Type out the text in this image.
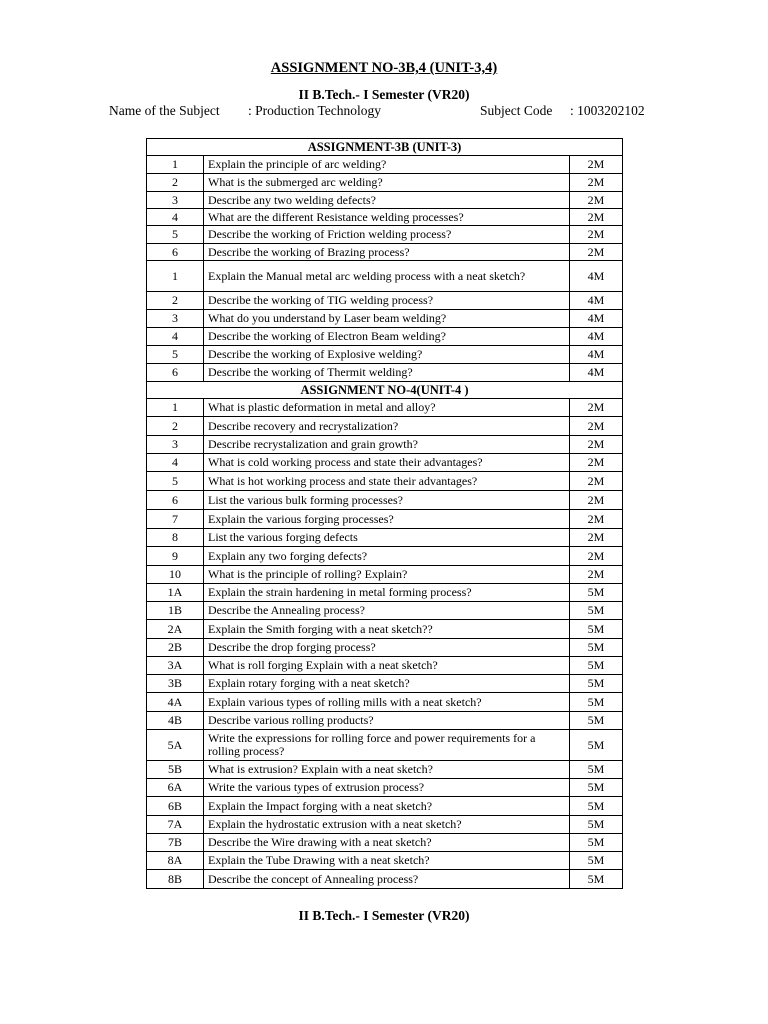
ASSIGNMENT NO-3B,4 (UNIT-3,4)
II B.Tech.- I Semester (VR20)
Name of the Subject : Production Technology	Subject Code : 1003202102
ASSIGNMENT-3B (UNIT-3)		
1	Explain the principle of arc welding?	2M
2	What is the submerged arc welding?	2M
3	Describe any two welding defects?	2M
4	What are the different Resistance welding processes?	2M
5	Describe the working of Friction welding process?	2M
6	Describe the working of Brazing process?	2M
1	Explain the Manual metal arc welding process with a neat sketch?	4M
2	Describe the working of TIG welding process?	4M
3	What do you understand by Laser beam welding?	4M
4	Describe the working of Electron Beam welding?	4M
5	Describe the working of Explosive welding?	4M
6	Describe the working of Thermit welding?	4M
ASSIGNMENT NO-4(UNIT-4 )		
1	What is plastic deformation in metal and alloy?	2M
2	Describe recovery and recrystalization?	2M
3	Describe recrystalization and grain growth?	2M
4	What is cold working process and state their advantages?	2M
5	What is hot working process and state their advantages?	2M
6	List the various bulk forming processes?	2M
7	Explain the various forging processes?	2M
8	List the various forging defects	2M
9	Explain any two forging defects?	2M
10	What is the principle of rolling? Explain?	2M
1A	Explain the strain hardening in metal forming process?	5M
1B	Describe the Annealing process?	5M
2A	Explain the Smith forging with a neat sketch??	5M
2B	Describe the drop forging process?	5M
3A	What is roll forging Explain with a neat sketch?	5M
3B	Explain rotary forging with a neat sketch?	5M
4A	Explain various types of rolling mills with a neat sketch?	5M
4B	Describe various rolling products?	5M
5A	Write the expressions for rolling force and power requirements for a rolling process?	5M
5B	What is extrusion? Explain with a neat sketch?	5M
6A	Write the various types of extrusion process?	5M
6B	Explain the Impact forging with a neat sketch?	5M
7A	Explain the hydrostatic extrusion with a neat sketch?	5M
7B	Describe the Wire drawing with a neat sketch?	5M
8A	Explain the Tube Drawing with a neat sketch?	5M
8B	Describe the concept of Annealing process?	5M
II B.Tech.- I Semester (VR20)
